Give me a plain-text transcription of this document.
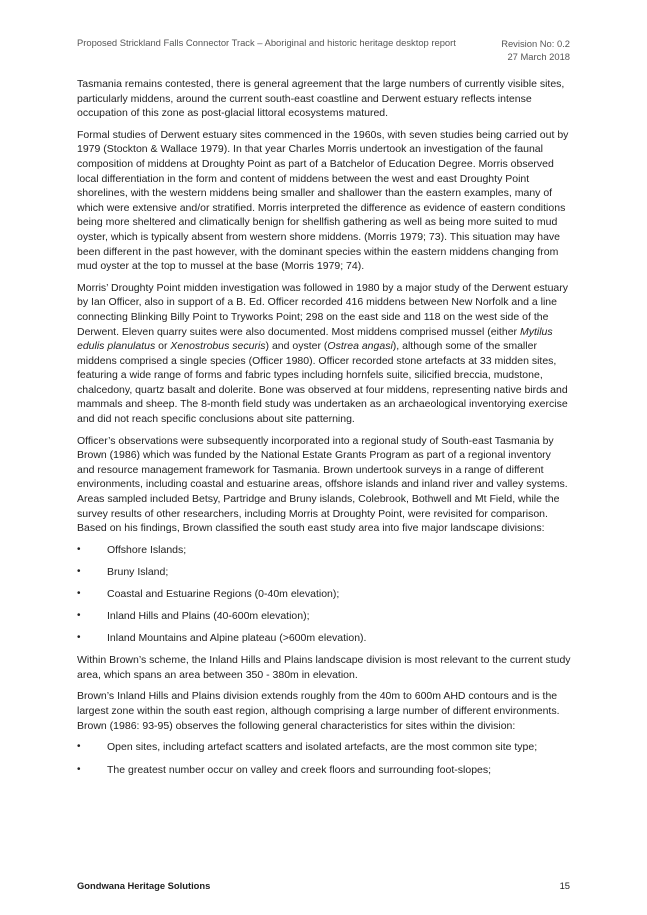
Proposed Strickland Falls Connector Track – Aboriginal and historic heritage desktop report	Revision No: 0.2
27 March 2018

Tasmania remains contested, there is general agreement that the large numbers of currently visible sites, particularly middens, around the current south-east coastline and Derwent estuary reflects intense occupation of this zone as post-glacial littoral ecosystems matured.

Formal studies of Derwent estuary sites commenced in the 1960s, with seven studies being carried out by 1979 (Stockton & Wallace 1979). In that year Charles Morris undertook an investigation of the faunal composition of middens at Droughty Point as part of a Batchelor of Education Degree. Morris observed local differentiation in the form and content of middens between the west and east Droughty Point shorelines, with the western middens being smaller and shallower than the eastern examples, many of which were extensive and/or stratified. Morris interpreted the difference as evidence of eastern conditions being more sheltered and climatically benign for shellfish gathering as well as being more suited to mud oyster, which is typically absent from western shore middens. (Morris 1979; 73). This situation may have been different in the past however, with the dominant species within the eastern middens changing from mud oyster at the top to mussel at the base (Morris 1979; 74).

Morris’ Droughty Point midden investigation was followed in 1980 by a major study of the Derwent estuary by Ian Officer, also in support of a B. Ed. Officer recorded 416 middens between New Norfolk and a line connecting Blinking Billy Point to Tryworks Point; 298 on the east side and 118 on the west side of the Derwent. Eleven quarry suites were also documented. Most middens comprised mussel (either Mytilus edulis planulatus or Xenostrobus securis) and oyster (Ostrea angasi), although some of the smaller middens comprised a single species (Officer 1980). Officer recorded stone artefacts at 33 midden sites, featuring a wide range of forms and fabric types including hornfels suite, silicified breccia, mudstone, chalcedony, quartz basalt and dolerite. Bone was observed at four middens, representing native birds and mammals and sheep. The 8-month field study was undertaken as an archaeological inventorying exercise and did not reach specific conclusions about site patterning.

Officer’s observations were subsequently incorporated into a regional study of South-east Tasmania by Brown (1986) which was funded by the National Estate Grants Program as part of a regional inventory and resource management framework for Tasmania. Brown undertook surveys in a range of different environments, including coastal and estuarine areas, offshore islands and inland river and valley systems. Areas sampled included Betsy, Partridge and Bruny islands, Colebrook, Bothwell and Mt Field, while the survey results of other researchers, including Morris at Droughty Point, were revisited for comparison. Based on his findings, Brown classified the south east study area into five major landscape divisions:

•	Offshore Islands;
•	Bruny Island;
•	Coastal and Estuarine Regions (0-40m elevation);
•	Inland Hills and Plains (40-600m elevation);
•	Inland Mountains and Alpine plateau (>600m elevation).

Within Brown’s scheme, the Inland Hills and Plains landscape division is most relevant to the current study area, which spans an area between 350 - 380m in elevation.

Brown’s Inland Hills and Plains division extends roughly from the 40m to 600m AHD contours and is the largest zone within the south east region, although comprising a large number of different environments. Brown (1986: 93-95) observes the following general characteristics for sites within the division:

•	Open sites, including artefact scatters and isolated artefacts, are the most common site type;
•	The greatest number occur on valley and creek floors and surrounding foot-slopes;
Gondwana Heritage Solutions	15
